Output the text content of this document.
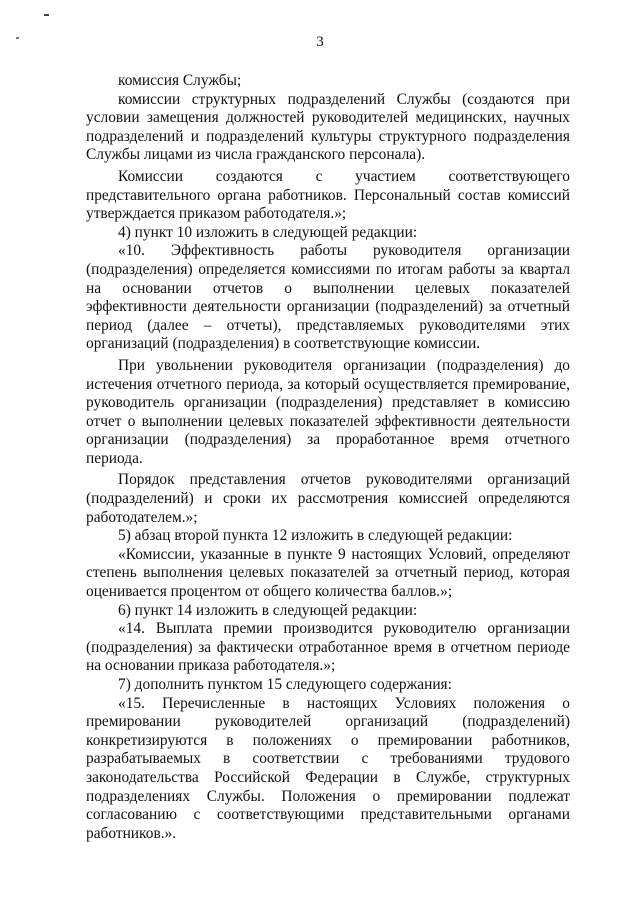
3

комиссия Службы;

комиссии структурных подразделений Службы (создаются при условии замещения должностей руководителей медицинских, научных подразделений и подразделений культуры структурного подразделения Службы лицами из числа гражданского персонала).

Комиссии создаются с участием соответствующего представительного органа работников. Персональный состав комиссий утверждается приказом работодателя.»;

4) пункт 10 изложить в следующей редакции:

«10. Эффективность работы руководителя организации (подразделения) определяется комиссиями по итогам работы за квартал на основании отчетов о выполнении целевых показателей эффективности деятельности организации (подразделений) за отчетный период (далее – отчеты), представляемых руководителями этих организаций (подразделения) в соответствующие комиссии.

При увольнении руководителя организации (подразделения) до истечения отчетного периода, за который осуществляется премирование, руководитель организации (подразделения) представляет в комиссию отчет о выполнении целевых показателей эффективности деятельности организации (подразделения) за проработанное время отчетного периода.

Порядок представления отчетов руководителями организаций (подразделений) и сроки их рассмотрения комиссией определяются работодателем.»;

5) абзац второй пункта 12 изложить в следующей редакции:

«Комиссии, указанные в пункте 9 настоящих Условий, определяют степень выполнения целевых показателей за отчетный период, которая оценивается процентом от общего количества баллов.»;

6) пункт 14 изложить в следующей редакции:

«14. Выплата премии производится руководителю организации (подразделения) за фактически отработанное время в отчетном периоде на основании приказа работодателя.»;

7) дополнить пунктом 15 следующего содержания:

«15. Перечисленные в настоящих Условиях положения о премировании руководителей организаций (подразделений) конкретизируются в положениях о премировании работников, разрабатываемых в соответствии с требованиями трудового законодательства Российской Федерации в Службе, структурных подразделениях Службы. Положения о премировании подлежат согласованию с соответствующими представительными органами работников.».
